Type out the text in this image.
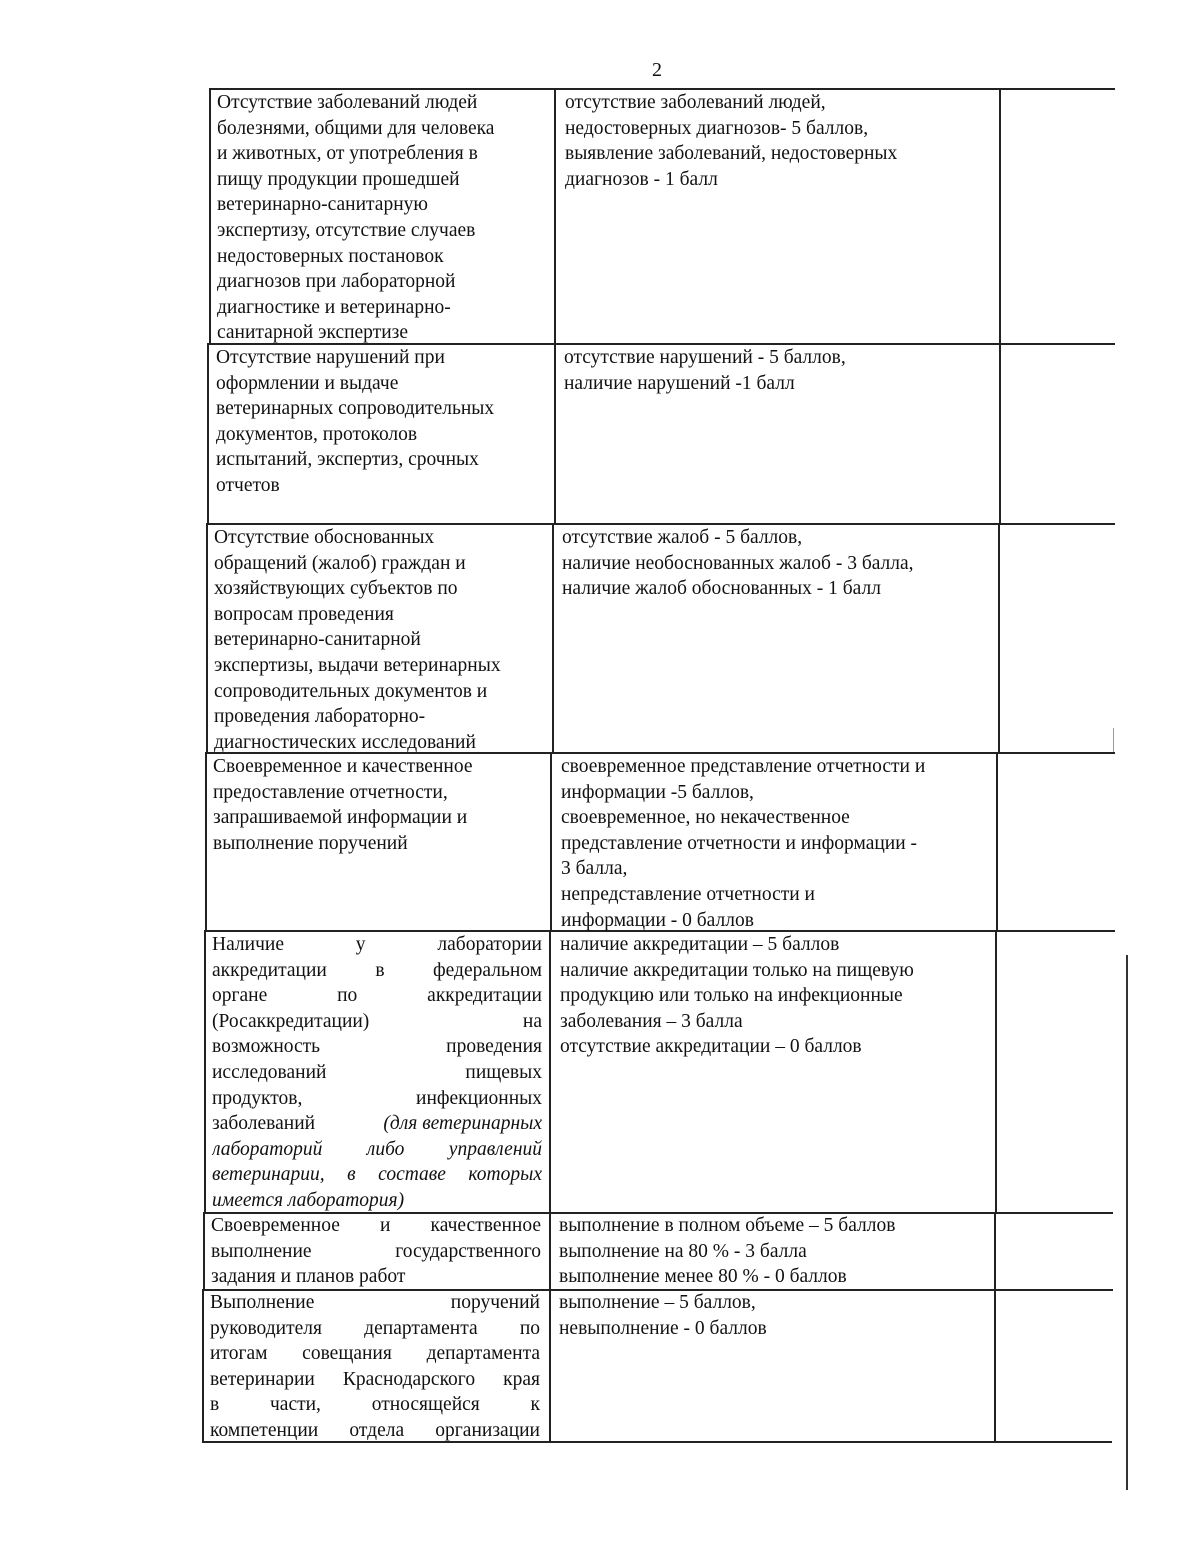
2
Отсутствие заболеваний людей
болезнями, общими для человека
и животных, от употребления в
пищу продукции прошедшей
ветеринарно-санитарную
экспертизу, отсутствие случаев
недостоверных постановок
диагнозов при лабораторной
диагностике и ветеринарно-
санитарной экспертизе
отсутствие заболеваний людей,
недостоверных диагнозов- 5 баллов,
выявление заболеваний, недостоверных
диагнозов - 1 балл
Отсутствие нарушений при
оформлении и выдаче
ветеринарных сопроводительных
документов, протоколов
испытаний, экспертиз, срочных
отчетов
отсутствие нарушений - 5 баллов,
наличие нарушений -1 балл
Отсутствие обоснованных
обращений (жалоб) граждан и
хозяйствующих субъектов по
вопросам проведения
ветеринарно-санитарной
экспертизы, выдачи ветеринарных
сопроводительных документов и
проведения лабораторно-
диагностических исследований
отсутствие жалоб - 5 баллов,
наличие необоснованных жалоб - 3 балла,
наличие жалоб обоснованных - 1 балл
Своевременное и качественное
предоставление отчетности,
запрашиваемой информации и
выполнение поручений
своевременное представление отчетности и
информации -5 баллов,
своевременное, но некачественное
представление отчетности и информации -
3 балла,
непредставление отчетности и
информации - 0 баллов
Наличие у лаборатории
аккредитации в федеральном
органе по аккредитации
(Росаккредитации) на
возможность проведения
исследований пищевых
продуктов, инфекционных
заболеваний	(для ветеринарных
лабораторий либо управлений
ветеринарии, в составе которых
имеется лаборатория)
наличие аккредитации – 5 баллов
наличие аккредитации только на пищевую
продукцию или только на инфекционные
заболевания – 3 балла
отсутствие аккредитации – 0 баллов
Своевременное и качественное
выполнение государственного
задания и планов работ
выполнение в полном объеме – 5 баллов
выполнение на 80 % - 3 балла
выполнение менее 80 % - 0 баллов
Выполнение поручений
руководителя департамента по
итогам совещания департамента
ветеринарии Краснодарского края
в части, относящейся к
компетенции отдела организации
выполнение – 5 баллов,
невыполнение - 0 баллов
